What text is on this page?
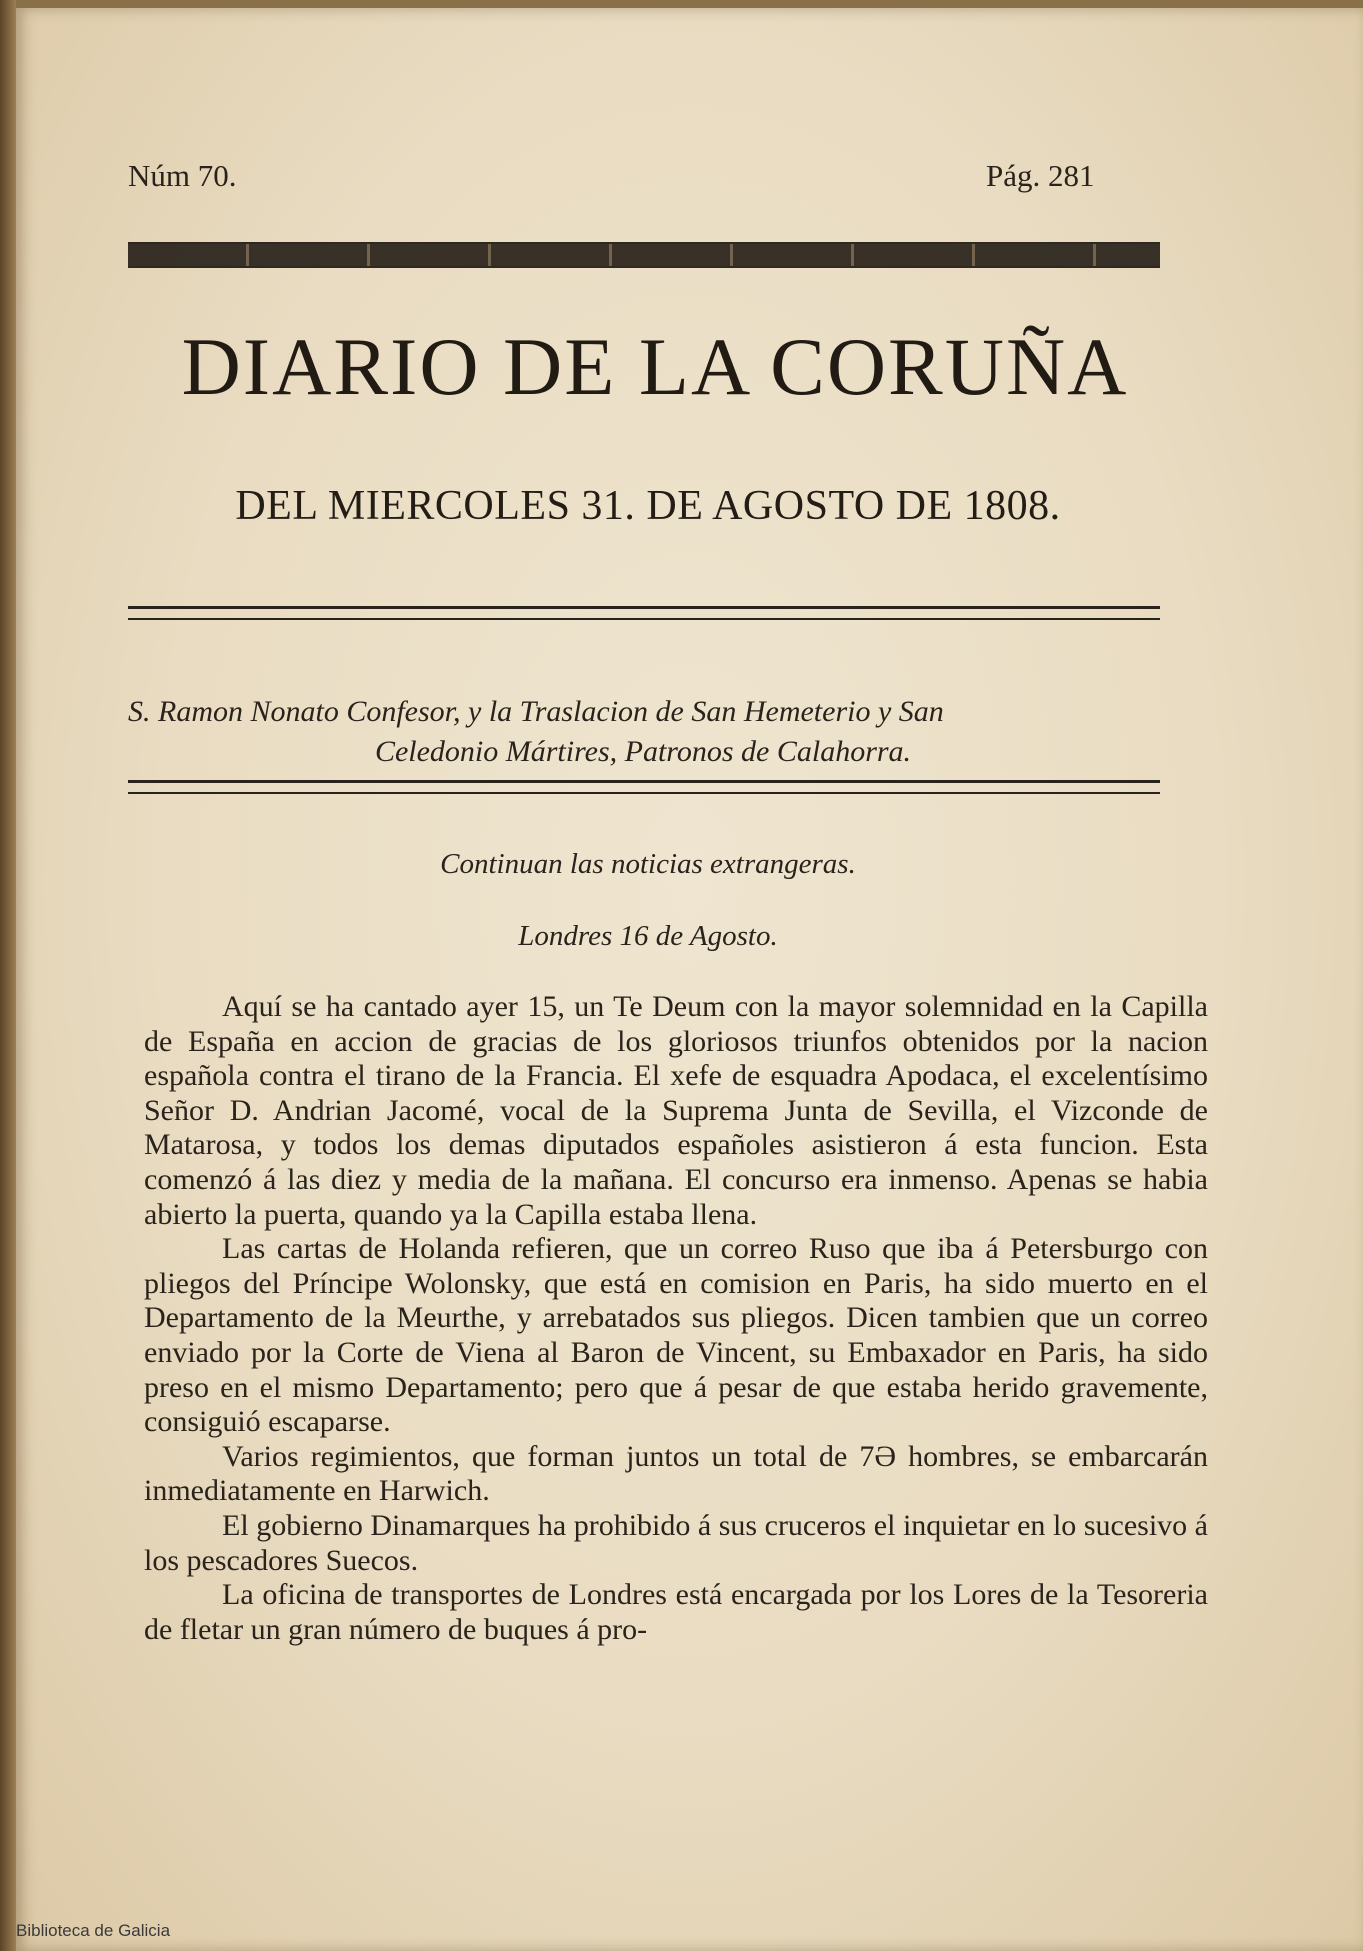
Núm 70.	Pág. 281
DIARIO DE LA CORUÑA
DEL MIERCOLES 31. DE AGOSTO DE 1808.
S. Ramon Nonato Confesor, y la Traslacion de San Hemeterio y San
Celedonio Mártires, Patronos de Calahorra.
Continuan las noticias extrangeras.
Londres 16 de Agosto.

Aquí se ha cantado ayer 15, un Te Deum con la mayor solemnidad en la Capilla de España en accion de gracias de los gloriosos triunfos obtenidos por la nacion española contra el tirano de la Francia. El xefe de esquadra Apodaca, el excelentísimo Señor D. Andrian Jacomé, vocal de la Suprema Junta de Sevilla, el Vizconde de Matarosa, y todos los demas diputados españoles asistieron á esta funcion. Esta comenzó á las diez y media de la mañana. El concurso era inmenso. Apenas se habia abierto la puerta, quando ya la Capilla estaba llena.

Las cartas de Holanda refieren, que un correo Ruso que iba á Petersburgo con pliegos del Príncipe Wolonsky, que está en comision en Paris, ha sido muerto en el Departamento de la Meurthe, y arrebatados sus pliegos. Dicen tambien que un correo enviado por la Corte de Viena al Baron de Vincent, su Embaxador en Paris, ha sido preso en el mismo Departamento; pero que á pesar de que estaba herido gravemente, consiguió escaparse.

Varios regimientos, que forman juntos un total de 7Ә hombres, se embarcarán inmediatamente en Harwich.

El gobierno Dinamarques ha prohibido á sus cruceros el inquietar en lo sucesivo á los pescadores Suecos.

La oficina de transportes de Londres está encargada por los Lores de la Tesoreria de fletar un gran número de buques á pro-

Biblioteca de Galicia
